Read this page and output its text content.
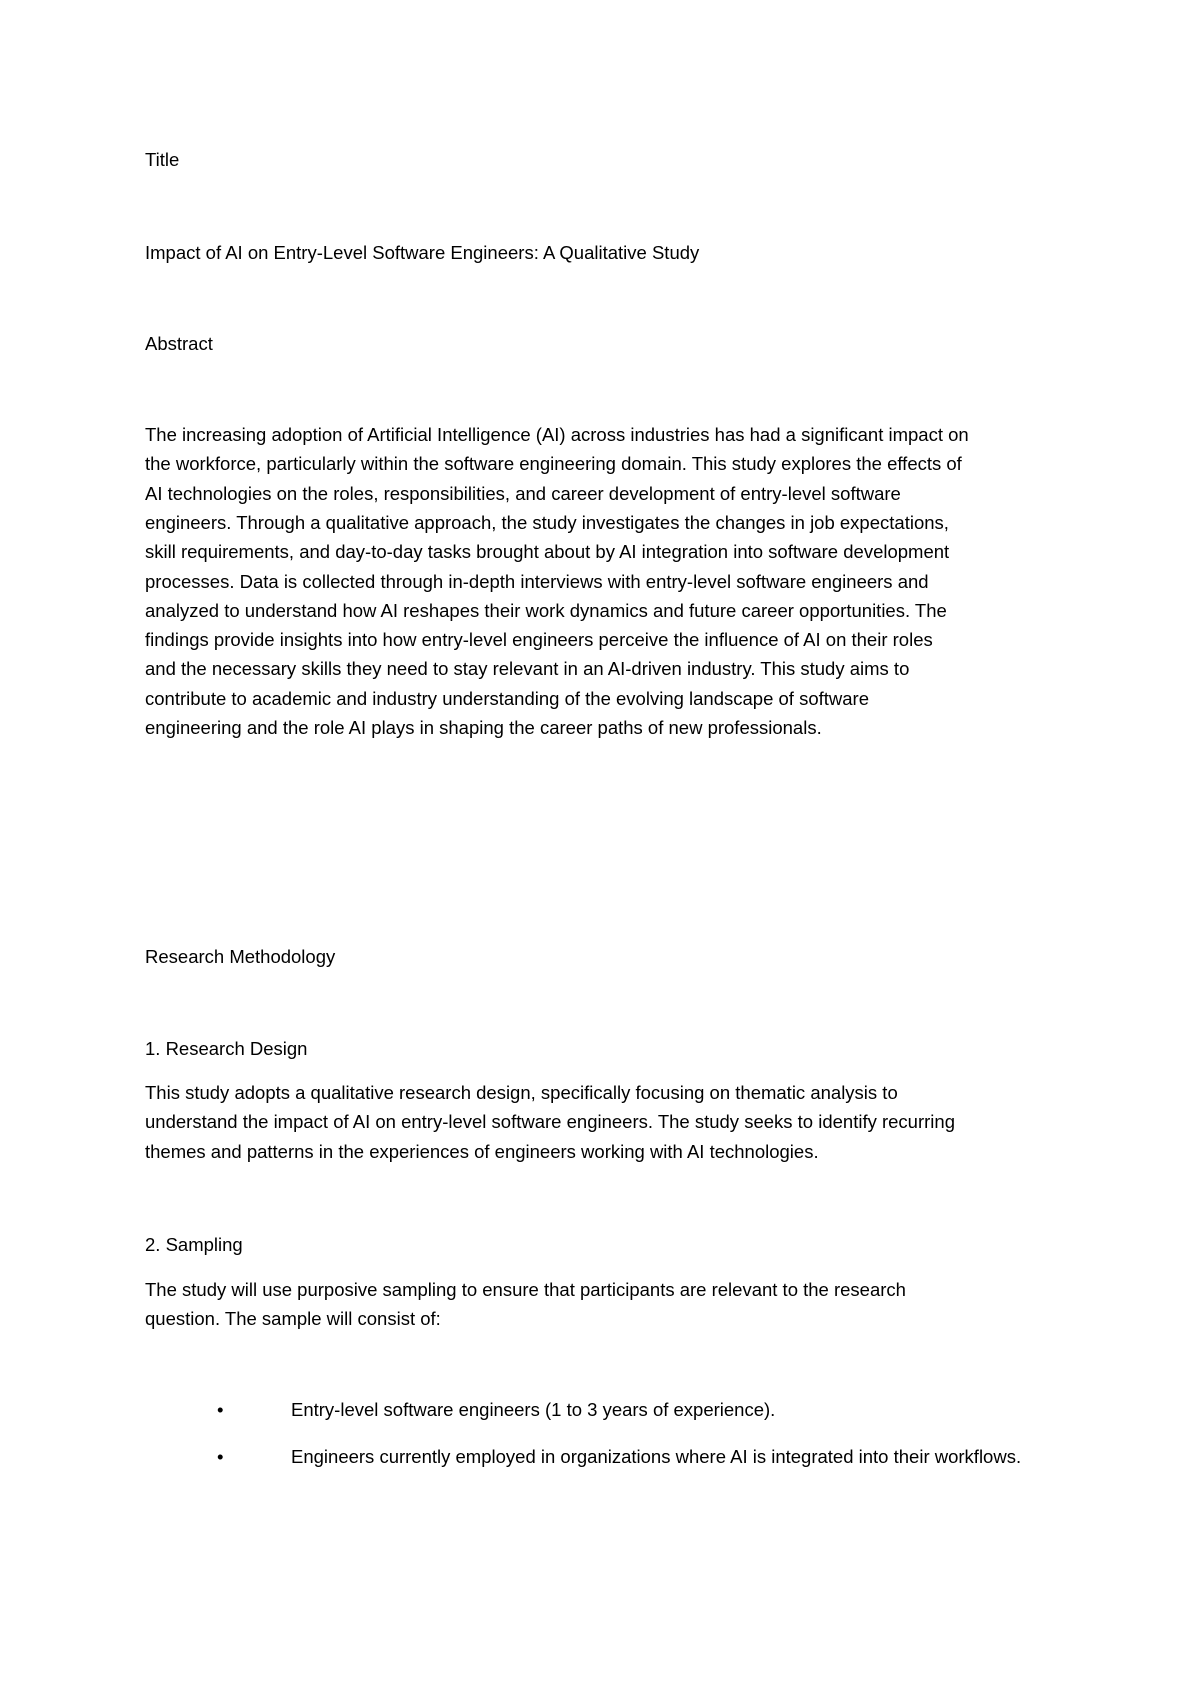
Title
Impact of AI on Entry-Level Software Engineers: A Qualitative Study
Abstract
The increasing adoption of Artificial Intelligence (AI) across industries has had a significant impact on
the workforce, particularly within the software engineering domain. This study explores the effects of
AI technologies on the roles, responsibilities, and career development of entry-level software
engineers. Through a qualitative approach, the study investigates the changes in job expectations,
skill requirements, and day-to-day tasks brought about by AI integration into software development
processes. Data is collected through in-depth interviews with entry-level software engineers and
analyzed to understand how AI reshapes their work dynamics and future career opportunities. The
findings provide insights into how entry-level engineers perceive the influence of AI on their roles
and the necessary skills they need to stay relevant in an AI-driven industry. This study aims to
contribute to academic and industry understanding of the evolving landscape of software
engineering and the role AI plays in shaping the career paths of new professionals.
Research Methodology
1. Research Design
This study adopts a qualitative research design, specifically focusing on thematic analysis to
understand the impact of AI on entry-level software engineers. The study seeks to identify recurring
themes and patterns in the experiences of engineers working with AI technologies.
2. Sampling
The study will use purposive sampling to ensure that participants are relevant to the research
question. The sample will consist of:
•	Entry-level software engineers (1 to 3 years of experience).
•	Engineers currently employed in organizations where AI is integrated into their workflows.
